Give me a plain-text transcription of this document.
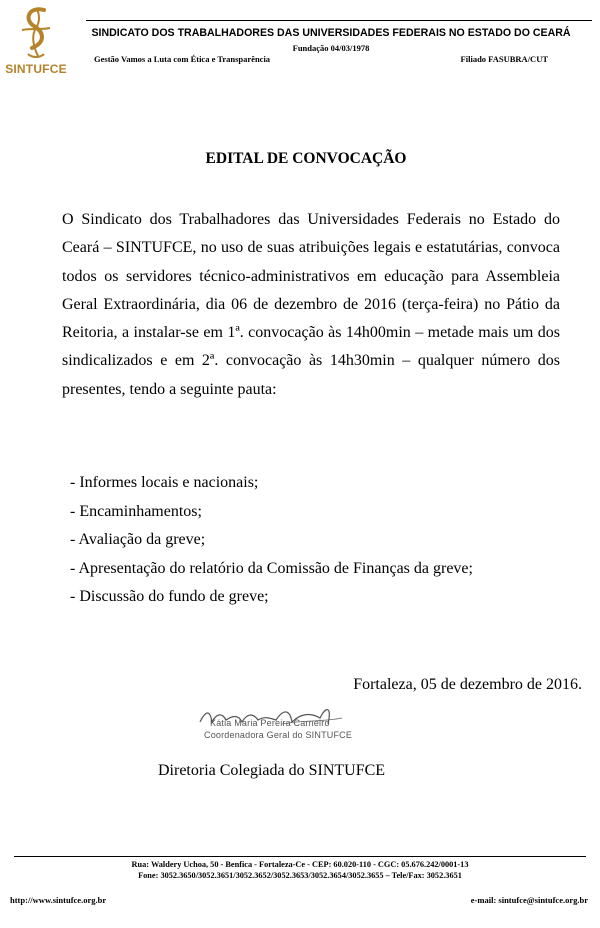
SINTUFCE
SINDICATO DOS TRABALHADORES DAS UNIVERSIDADES FEDERAIS NO ESTADO DO CEARÁ
Fundação 04/03/1978
Gestão Vamos a Luta com Ética e Transparência	Filiado FASUBRA/CUT
EDITAL DE CONVOCAÇÃO
O Sindicato dos Trabalhadores das Universidades Federais no Estado do Ceará – SINTUFCE, no uso de suas atribuições legais e estatutárias, convoca todos os servidores técnico-administrativos em educação para Assembleia Geral Extraordinária, dia 06 de dezembro de 2016 (terça-feira) no Pátio da Reitoria, a instalar-se em 1ª. convocação às 14h00min – metade mais um dos sindicalizados e em 2ª. convocação às 14h30min – qualquer número dos presentes, tendo a seguinte pauta:
- Informes locais e nacionais;
- Encaminhamentos;
- Avaliação da greve;
- Apresentação do relatório da Comissão de Finanças da greve;
- Discussão do fundo de greve;
Fortaleza, 05 de dezembro de 2016.
Kátia Maria Pereira Carneiro
Coordenadora Geral do SINTUFCE
Diretoria Colegiada do SINTUFCE
Rua: Waldery Uchoa, 50 - Benfica - Fortaleza-Ce - CEP: 60.020-110 - CGC: 05.676.242/0001-13
Fone: 3052.3650/3052.3651/3052.3652/3052.3653/3052.3654/3052.3655 – Tele/Fax: 3052.3651
http://www.sintufce.org.br	e-mail: sintufce@sintufce.org.br
